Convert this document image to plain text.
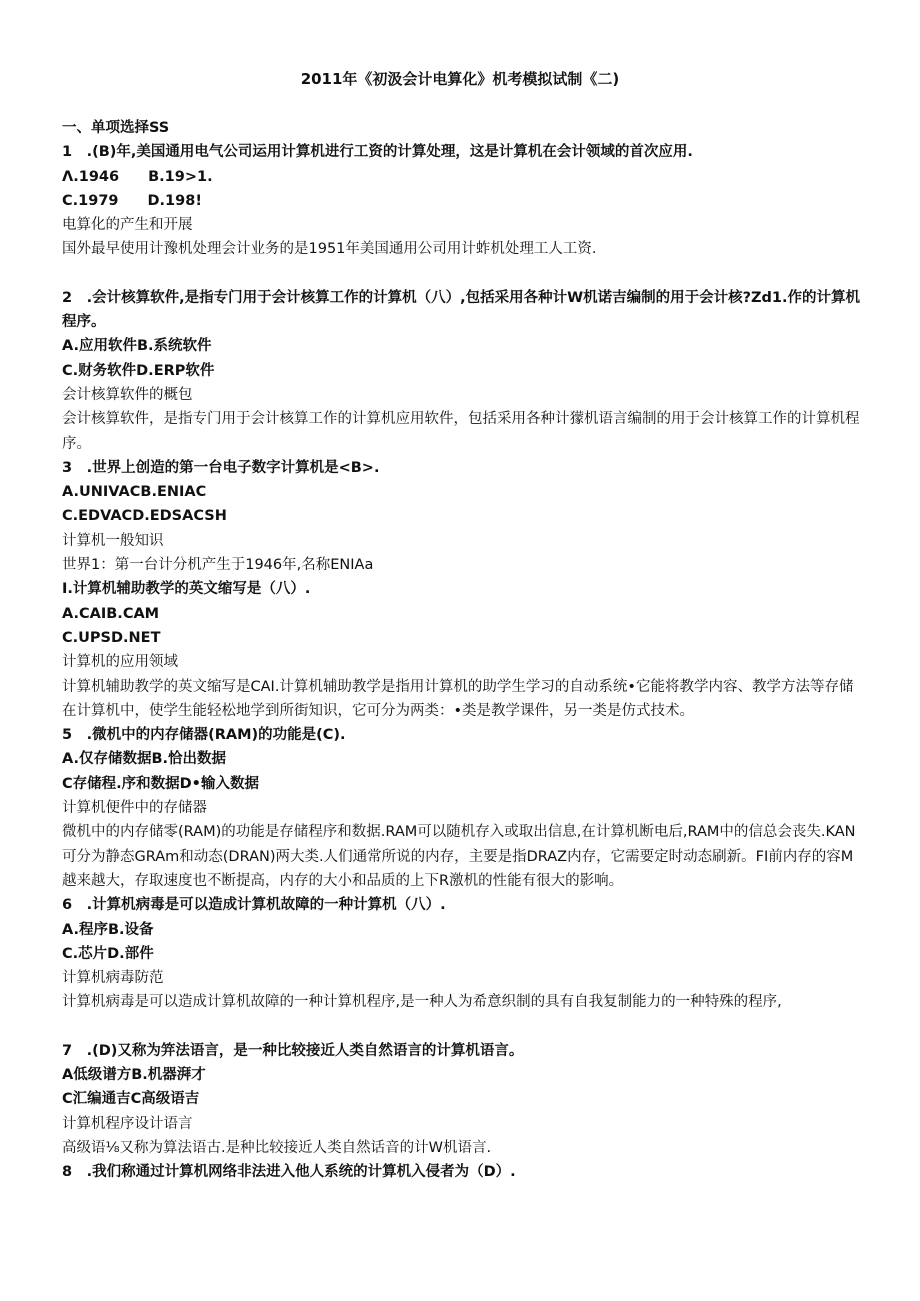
2011年《初汲会计电算化》机考模拟试制《二)
一、单项选择SS
1　.(B)年,美国通用电气公司运用计算机进行工资的计算处理，这是计算机在会计领域的首次应用.
Λ.1946　　B.19>1.
C.1979　　D.198!
电算化的产生和开展
国外最早使用计豫机处理会计业务的是1951年美国通用公司用计蚱机处理工人工资.
2　.会计核算软件,是指专门用于会计核算工作的计算机（八）,包括采用各种计W机诺吉编制的用于会计核?Zd1.作的计算机程序。
A.应用软件B.系统软件
C.财务软件D.ERP软件
会计核算软件的概包
会计核算软件，是指专门用于会计核算工作的计算机应用软件，包括采用各种计獴机语言编制的用于会计核算工作的计算机程序。
3　.世界上创造的第一台电子数字计算机是<B>.
A.UNIVACB.ENIAC
C.EDVACD.EDSACSH
计算机一般知识
世界1：第一台计分机产生于1946年,名称ENIAa
I.计算机辅助教学的英文缩写是（八）.
A.CAIB.CAM
C.UPSD.NET
计算机的应用领域
计算机辅助教学的英文缩写是CAI.计算机辅助教学是指用计算机的助学生学习的自动系统•它能将教学内容、教学方法等存储在计算机中，使学生能轻松地学到所街知识，它可分为两类：•类是教学课件，另一类是仿式技术。
5　.微机中的内存储器(RAM)的功能是(C).
A.仅存储数据B.恰出数据
C存储程.序和数据D•输入数据
计算机便件中的存储器
微机中的内存储零(RAM)的功能是存储程序和数据.RAM可以随机存入或取出信息,在计算机断电后,RAM中的信总会丧失.KAN可分为静态GRAm和动态(DRAN)两大类.人们通常所说的内存，主要是指DRAZ内存，它需要定时动态刷新。FI前内存的容M越来越大，存取速度也不断提高，内存的大小和品质的上下R激机的性能有很大的影响。
6　.计算机病毒是可以造成计算机故障的一种计算机（八）.
A.程序B.设备
C.芯片D.部件
计算机病毒防范
计算机病毒是可以造成计算机故障的一种计算机程序,是一种人为希意织制的具有自我复制能力的一种特殊的程序,
7　.(D)又称为笄法语言，是一种比较接近人类自然语言的计算机语言。
A低级谱方B.机器湃才
C汇编通吉C高级语吉
计算机程序设计语言
高级语⅛又称为算法语古.是种比较接近人类自然话音的计W机语言.
8　.我们称通过计算机网络非法进入他人系统的计算机入侵者为（D）.
